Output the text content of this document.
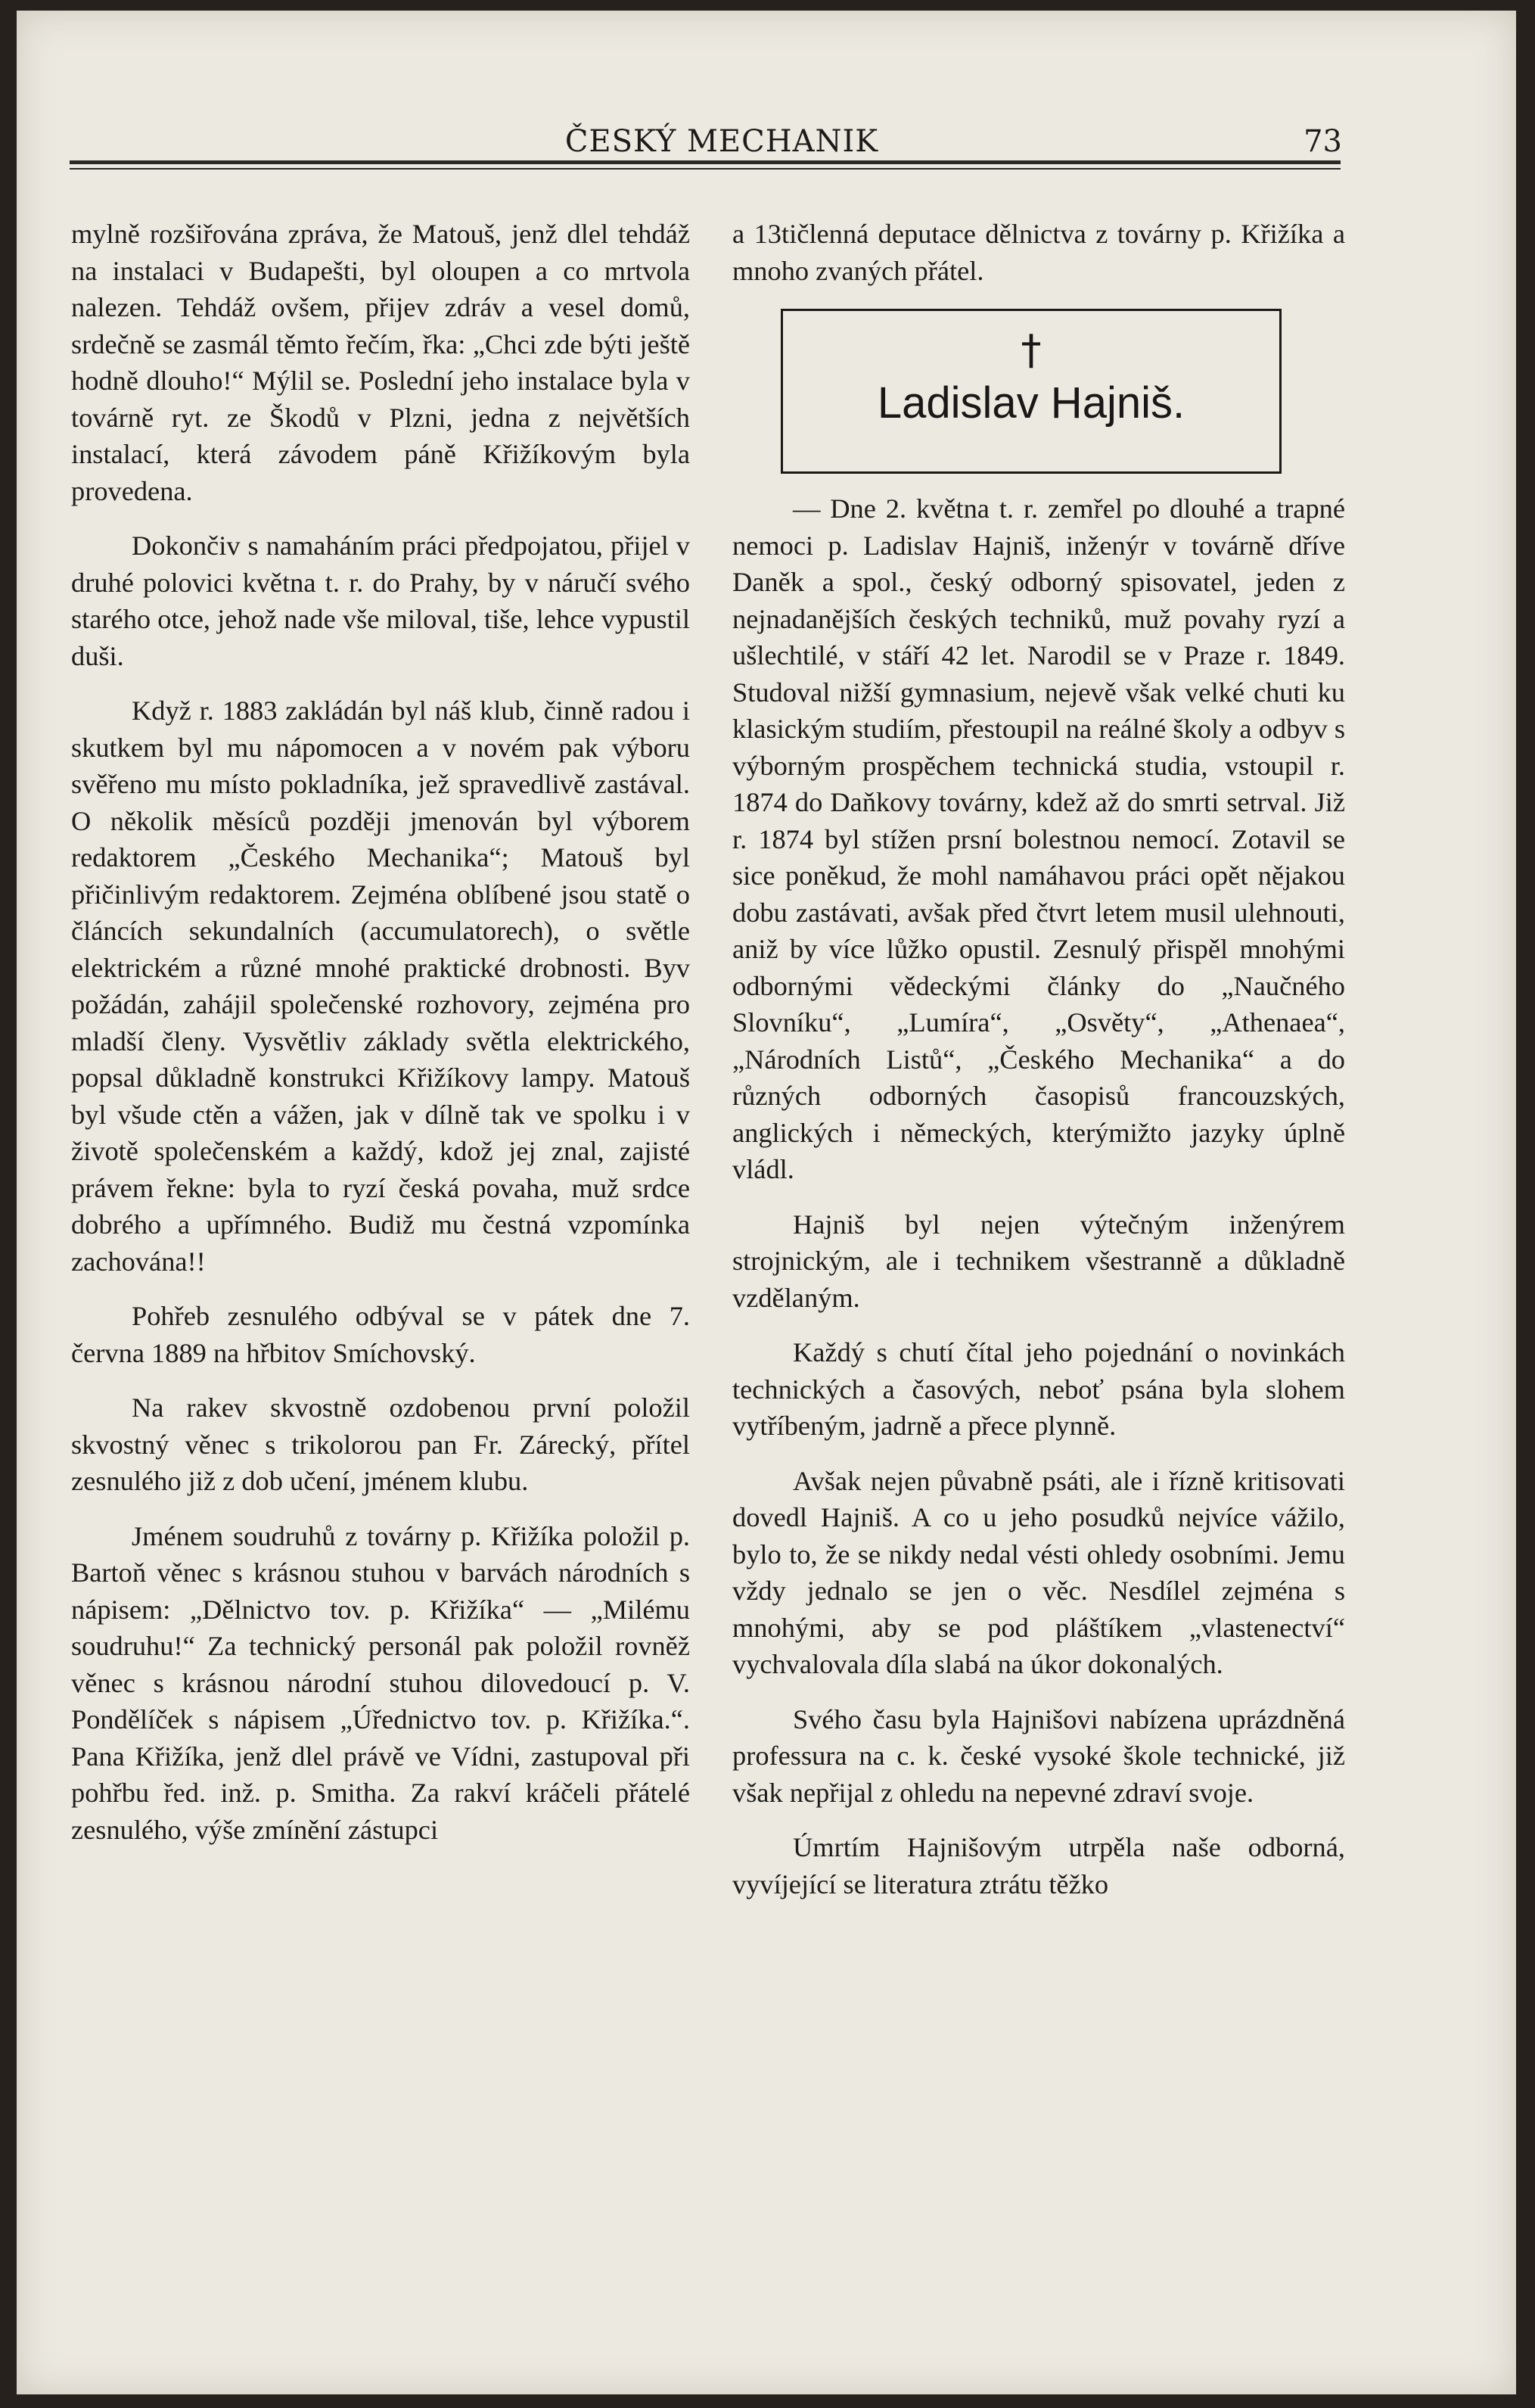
ČESKÝ MECHANIK	73

mylně rozšiřována zpráva, že Matouš, jenž dlel tehdáž na instalaci v Budapešti, byl oloupen a co mrtvola nalezen. Tehdáž ovšem, přijev zdráv a vesel domů, srdečně se zasmál těmto řečím, řka: „Chci zde býti ještě hodně dlouho!“ Mýlil se. Poslední jeho instalace byla v továrně ryt. ze Škodů v Plzni, jedna z největších instalací, která závodem páně Křižíkovým byla provedena.

Dokončiv s namaháním práci předpojatou, přijel v druhé polovici května t. r. do Prahy, by v náručí svého starého otce, jehož nade vše miloval, tiše, lehce vypustil duši.

Když r. 1883 zakládán byl náš klub, činně radou i skutkem byl mu nápomocen a v novém pak výboru svěřeno mu místo pokladníka, jež spravedlivě zastával. O několik měsíců později jmenován byl výborem redaktorem „Českého Mechanika“; Matouš byl přičinlivým redaktorem. Zejména oblíbené jsou statě o článcích sekundalních (accumulatorech), o světle elektrickém a různé mnohé praktické drobnosti. Byv požádán, zahájil společenské rozhovory, zejména pro mladší členy. Vysvětliv základy světla elektrického, popsal důkladně konstrukci Křižíkovy lampy. Matouš byl všude ctěn a vážen, jak v dílně tak ve spolku i v životě společenském a každý, kdož jej znal, zajisté právem řekne: byla to ryzí česká povaha, muž srdce dobrého a upřímného. Budiž mu čestná vzpomínka zachována!!

Pohřeb zesnulého odbýval se v pátek dne 7. června 1889 na hřbitov Smíchovský.

Na rakev skvostně ozdobenou první položil skvostný věnec s trikolorou pan Fr. Zárecký, přítel zesnulého již z dob učení, jménem klubu.

Jménem soudruhů z továrny p. Křižíka položil p. Bartoň věnec s krásnou stuhou v barvách národních s nápisem: „Dělnictvo tov. p. Křižíka“ — „Milému soudruhu!“ Za technický personál pak položil rovněž věnec s krásnou národní stuhou dilovedoucí p. V. Pondělíček s nápisem „Úřednictvo tov. p. Křižíka.“. Pana Křižíka, jenž dlel právě ve Vídni, zastupoval při pohřbu řed. inž. p. Smitha. Za rakví kráčeli přátelé zesnulého, výše zmínění zástupci

a 13tičlenná deputace dělnictva z továrny p. Křižíka a mnoho zvaných přátel.

†
Ladislav Hajniš.

— Dne 2. května t. r. zemřel po dlouhé a trapné nemoci p. Ladislav Hajniš, inženýr v továrně dříve Daněk a spol., český odborný spisovatel, jeden z nejnadanějších českých techniků, muž povahy ryzí a ušlechtilé, v stáří 42 let. Narodil se v Praze r. 1849. Studoval nižší gymnasium, nejevě však velké chuti ku klasickým studiím, přestoupil na reálné školy a odbyv s výborným prospěchem technická studia, vstoupil r. 1874 do Daňkovy továrny, kdež až do smrti setrval. Již r. 1874 byl stížen prsní bolestnou nemocí. Zotavil se sice poněkud, že mohl namáhavou práci opět nějakou dobu zastávati, avšak před čtvrt letem musil ulehnouti, aniž by více lůžko opustil. Zesnulý přispěl mnohými odbornými vědeckými články do „Naučného Slovníku“, „Lumíra“, „Osvěty“, „Athenaea“, „Národních Listů“, „Českého Mechanika“ a do různých odborných časopisů francouzských, anglických i německých, kterýmižto jazyky úplně vládl.

Hajniš byl nejen výtečným inženýrem strojnickým, ale i technikem všestranně a důkladně vzdělaným.

Každý s chutí čítal jeho pojednání o novinkách technických a časových, neboť psána byla slohem vytříbeným, jadrně a přece plynně.

Avšak nejen půvabně psáti, ale i řízně kritisovati dovedl Hajniš. A co u jeho posudků nejvíce vážilo, bylo to, že se nikdy nedal vésti ohledy osobními. Jemu vždy jednalo se jen o věc. Nesdílel zejména s mnohými, aby se pod pláštíkem „vlastenectví“ vychvalovala díla slabá na úkor dokonalých.

Svého času byla Hajnišovi nabízena uprázdněná professura na c. k. české vysoké škole technické, již však nepřijal z ohledu na nepevné zdraví svoje.

Úmrtím Hajnišovým utrpěla naše odborná, vyvíjející se literatura ztrátu těžko
